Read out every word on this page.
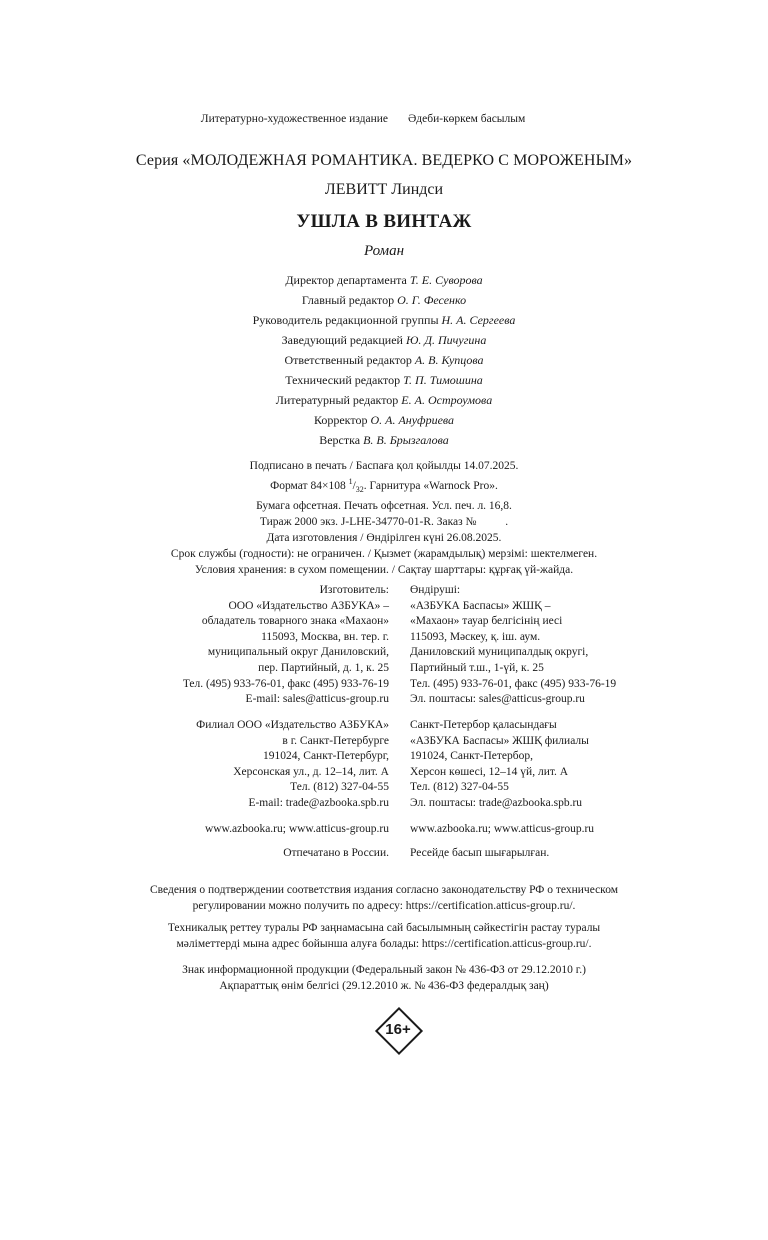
Литературно-художественное издание Әдеби-көркем басылым
Серия «МОЛОДЕЖНАЯ РОМАНТИКА. ВЕДЕРКО С МОРОЖЕНЫМ»
ЛЕВИТТ Линдси
УШЛА В ВИНТАЖ
Роман
Директор департамента Т. Е. Суворова
Главный редактор О. Г. Фесенко
Руководитель редакционной группы Н. А. Сергеева
Заведующий редакцией Ю. Д. Пичугина
Ответственный редактор А. В. Купцова
Технический редактор Т. П. Тимошина
Литературный редактор Е. А. Остроумова
Корректор О. А. Ануфриева
Верстка В. В. Брызгалова
Подписано в печать / Баспаға қол қойылды 14.07.2025.
Формат 84×108 $^1/_{32}$. Гарнитура «Warnock Pro».
Бумага офсетная. Печать офсетная. Усл. печ. л. 16,8.
Тираж 2000 экз. J-LHE-34770-01-R. Заказ №          .
Дата изготовления / Өндірілген күні 26.08.2025.
Срок службы (годности): не ограничен. / Қызмет (жарамдылық) мерзімі: шектелмеген.
Условия хранения: в сухом помещении. / Сақтау шарттары: құрғақ үй-жайда.
Изготовитель:
ООО «Издательство АЗБУКА» –
обладатель товарного знака «Махаон»
115093, Москва, вн. тер. г.
муниципальный округ Даниловский,
пер. Партийный, д. 1, к. 25
Тел. (495) 933-76-01, факс (495) 933-76-19
E-mail: sales@atticus-group.ru
Өндіруші:
«АЗБУКА Баспасы» ЖШҚ –
«Махаон» тауар белгісінің иесі
115093, Мәскеу, қ. іш. аум.
Даниловский муниципалдық округі,
Партийный т.ш., 1-үй, к. 25
Тел. (495) 933-76-01, факс (495) 933-76-19
Эл. поштасы: sales@atticus-group.ru
Филиал ООО «Издательство АЗБУКА»
в г. Санкт-Петербурге
191024, Санкт-Петербург,
Херсонская ул., д. 12–14, лит. А
Тел. (812) 327-04-55
E-mail: trade@azbooka.spb.ru
Санкт-Петербор қаласындағы
«АЗБУКА Баспасы» ЖШҚ филиалы
191024, Санкт-Петербор,
Херсон көшесі, 12–14 үй, лит. А
Тел. (812) 327-04-55
Эл. поштасы: trade@azbooka.spb.ru
www.azbooka.ru; www.atticus-group.ru www.azbooka.ru; www.atticus-group.ru
Отпечатано в России. Ресейде басып шығарылған.
Сведения о подтверждении соответствия издания согласно законодательству РФ о техническом
регулировании можно получить по адресу: https://certification.atticus-group.ru/.
Техникалық реттеу туралы РФ заңнамасына сай басылымның сәйкестігін растау туралы
мәліметтерді мына адрес бойынша алуға болады: https://certification.atticus-group.ru/.
Знак информационной продукции (Федеральный закон № 436-ФЗ от 29.12.2010 г.)
Ақпараттық өнім белгісі (29.12.2010 ж. № 436-ФЗ федералдық заң)
16+
